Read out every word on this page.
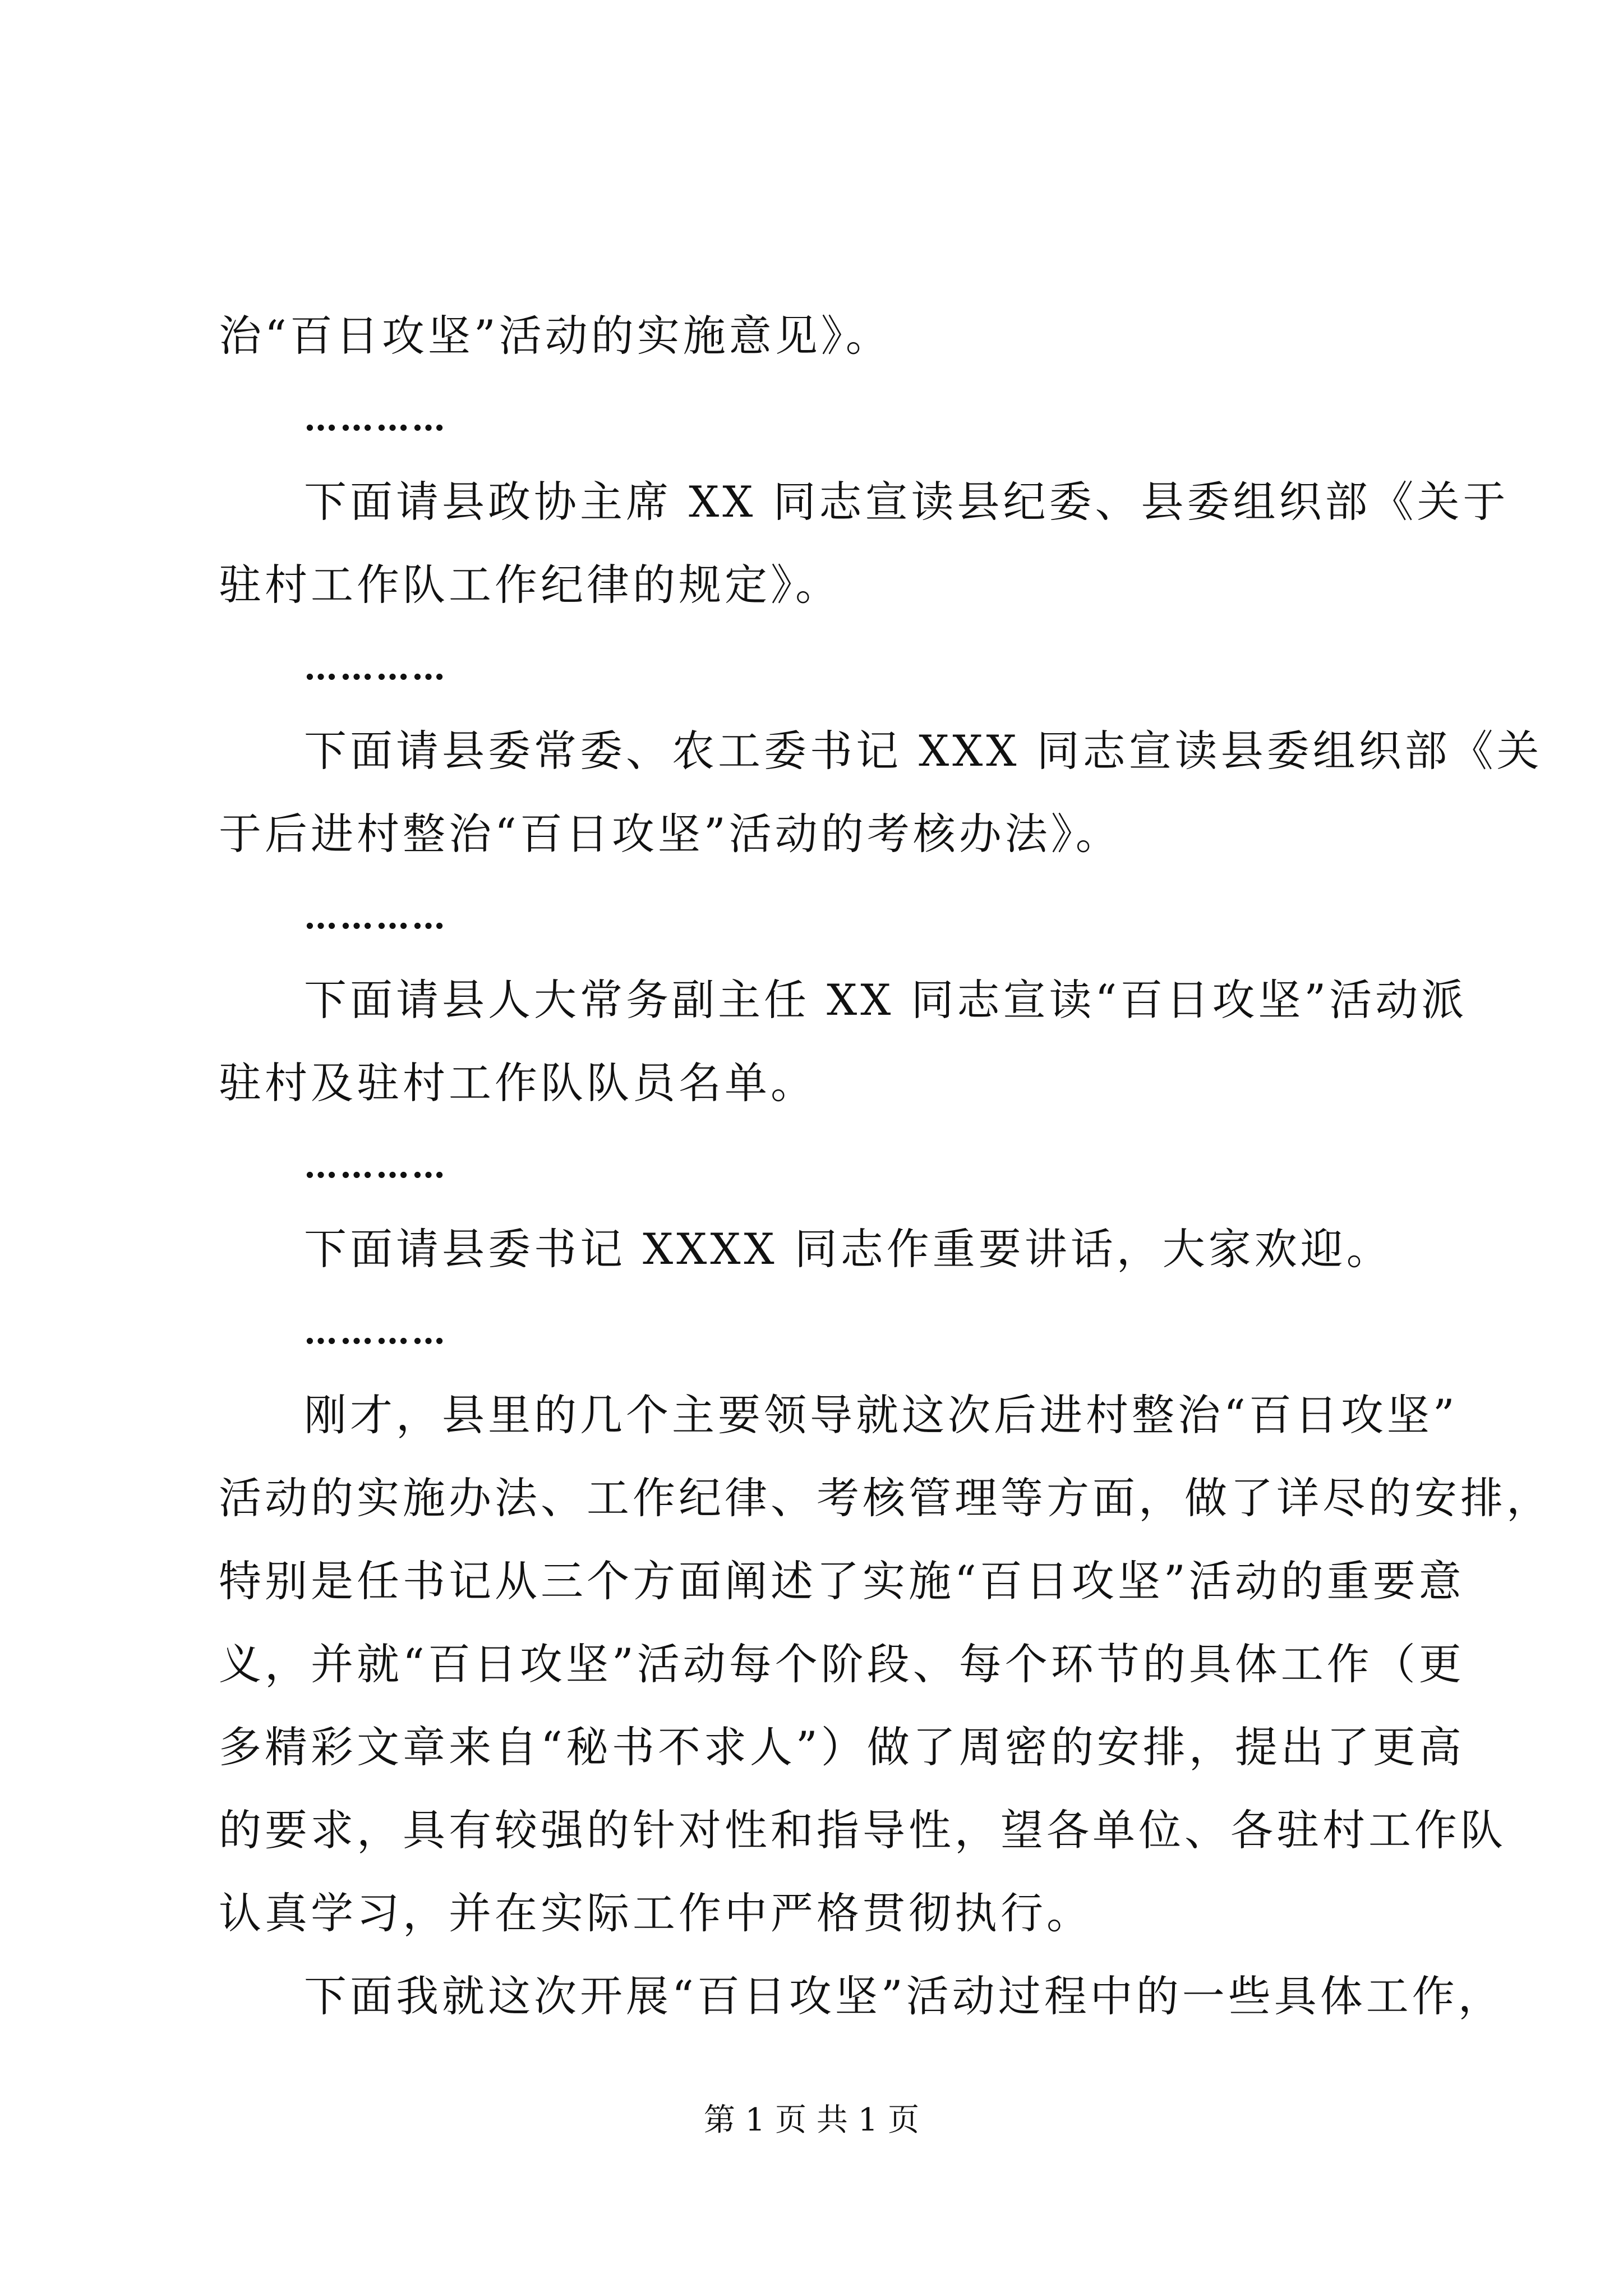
治“百日攻坚”活动的实施意见》。
…………
下面请县政协主席 XX 同志宣读县纪委、县委组织部《关于
驻村工作队工作纪律的规定》。
…………
下面请县委常委、农工委书记 XXX 同志宣读县委组织部《关
于后进村整治“百日攻坚”活动的考核办法》。
…………
下面请县人大常务副主任 XX 同志宣读“百日攻坚”活动派
驻村及驻村工作队队员名单。
…………
下面请县委书记 XXXX 同志作重要讲话，大家欢迎。
…………
刚才，县里的几个主要领导就这次后进村整治“百日攻坚”
活动的实施办法、工作纪律、考核管理等方面，做了详尽的安排，
特别是任书记从三个方面阐述了实施“百日攻坚”活动的重要意
义，并就“百日攻坚”活动每个阶段、每个环节的具体工作（更
多精彩文章来自“秘书不求人”）做了周密的安排，提出了更高
的要求，具有较强的针对性和指导性，望各单位、各驻村工作队
认真学习，并在实际工作中严格贯彻执行。
下面我就这次开展“百日攻坚”活动过程中的一些具体工作，
第 1 页 共 1 页
